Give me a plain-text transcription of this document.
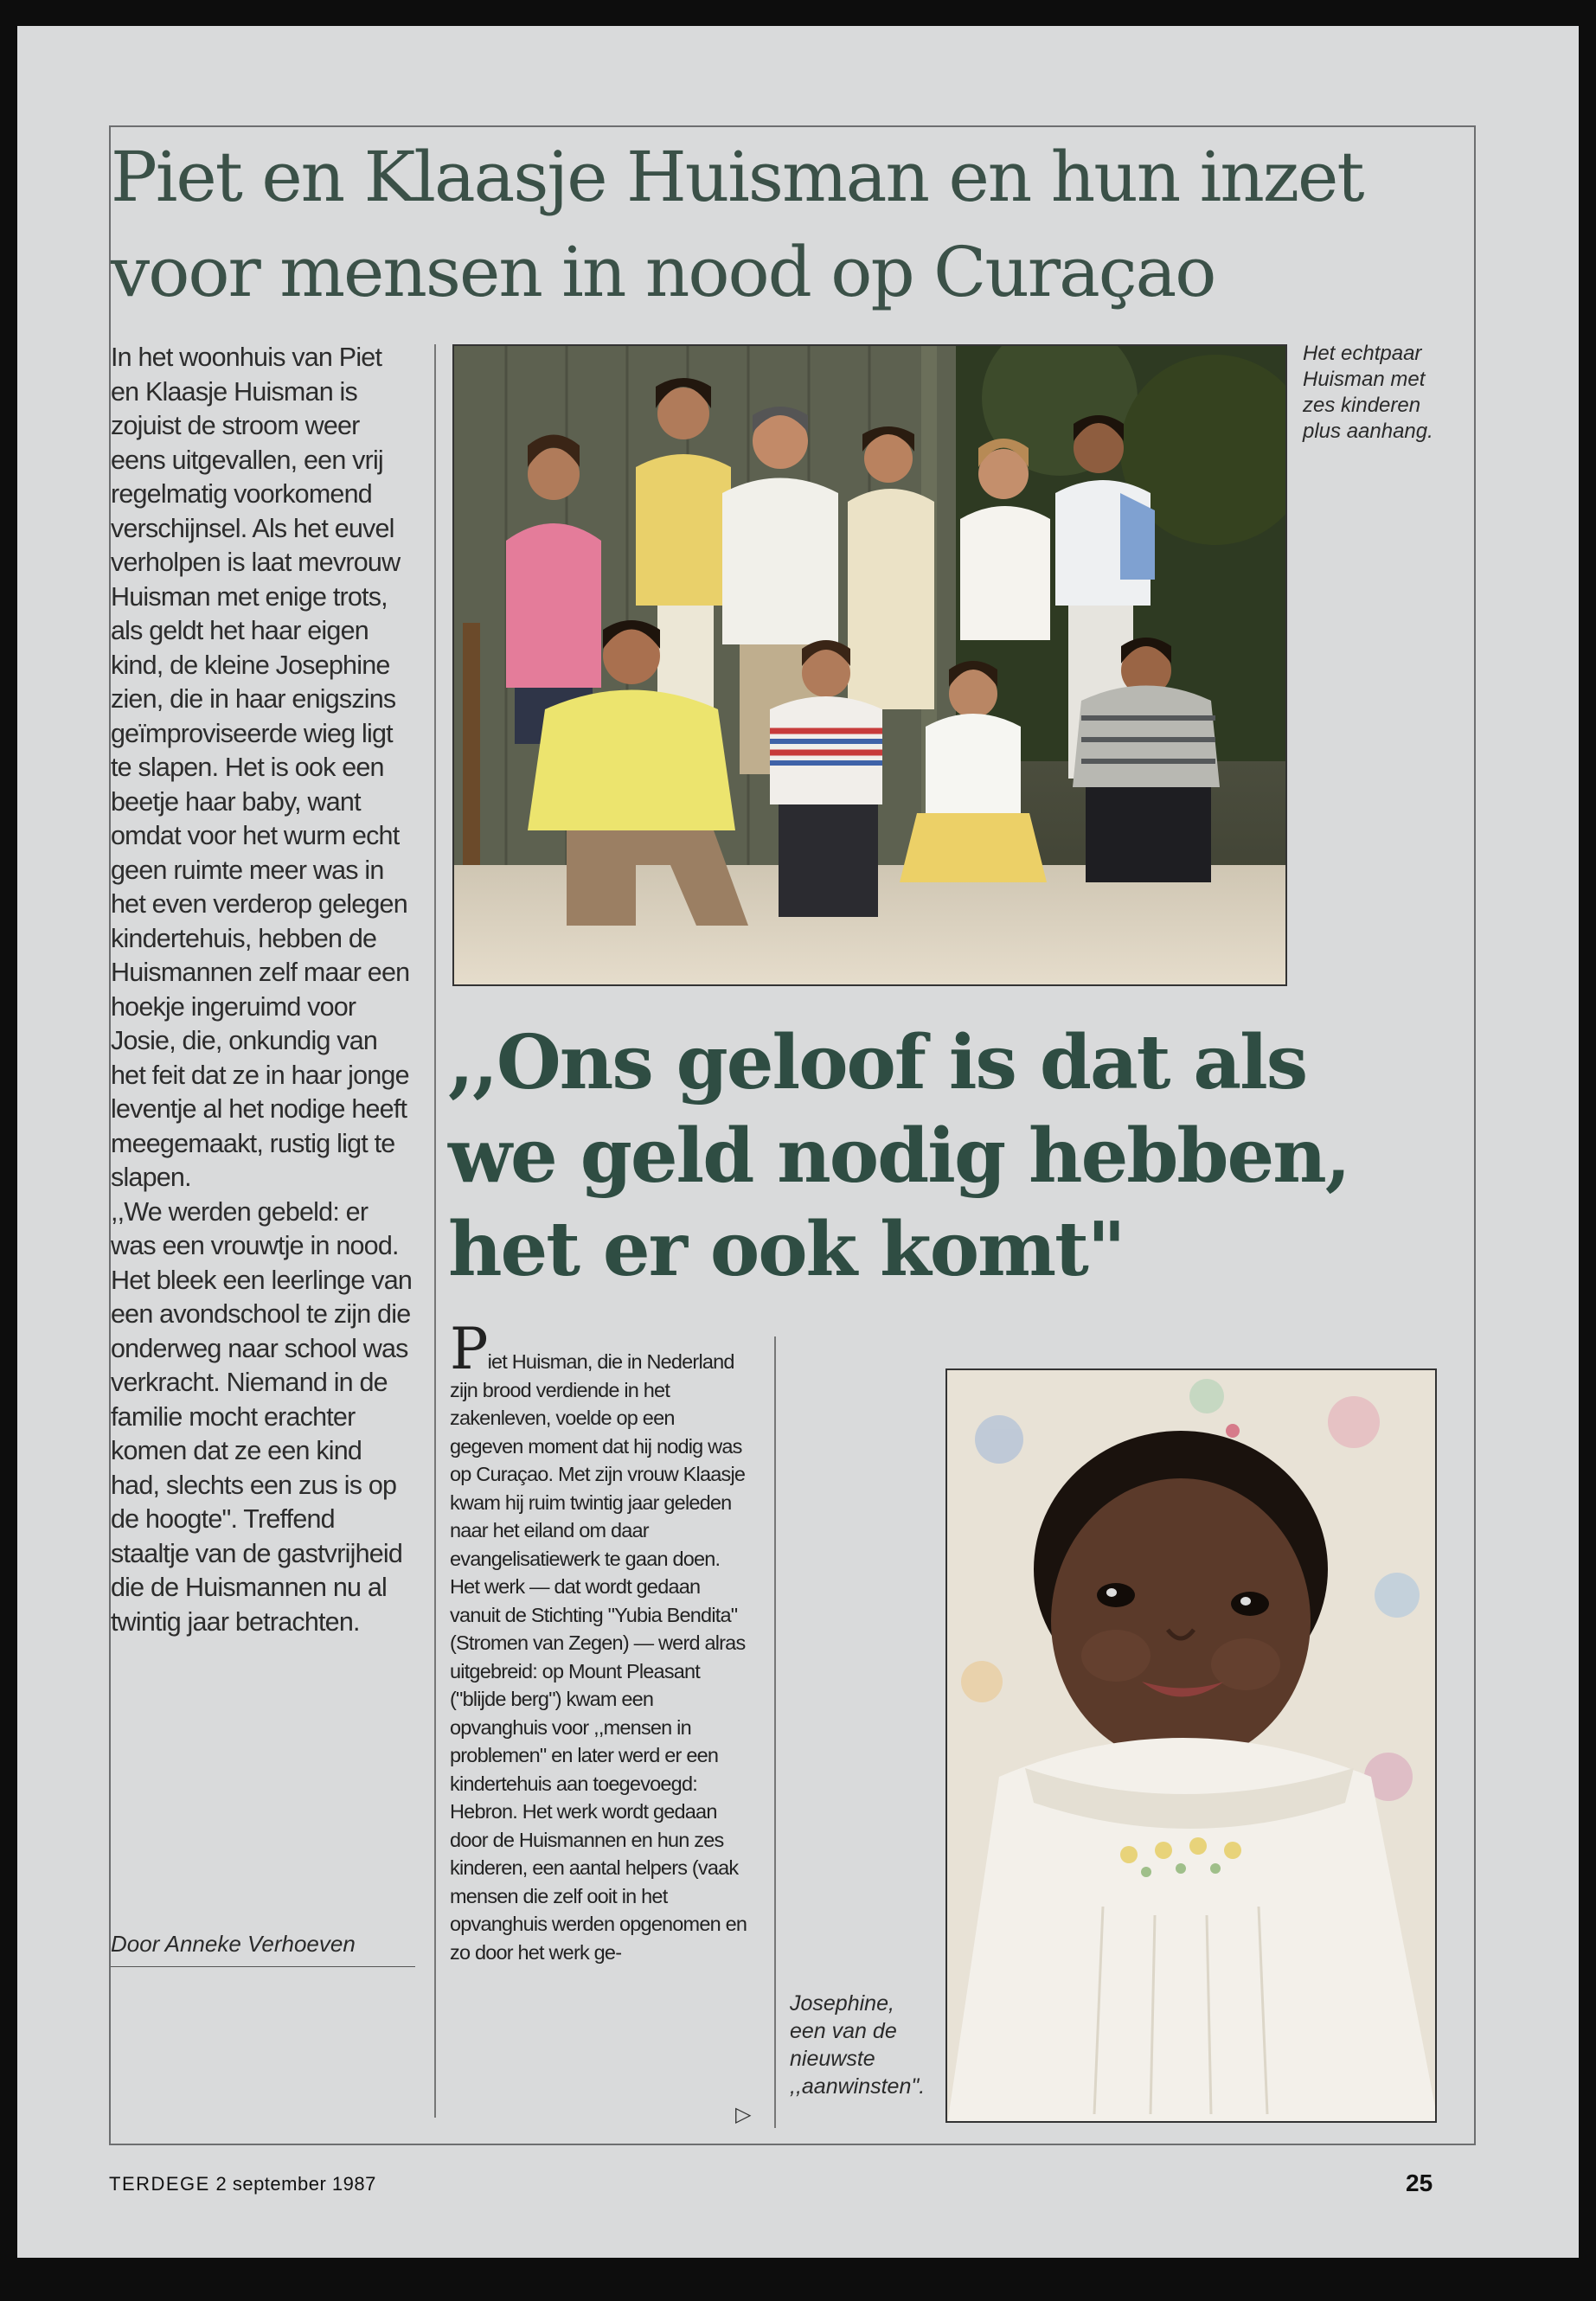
Piet en Klaasje Huisman en hun inzet voor mensen in nood op Curaçao

In het woonhuis van Piet en Klaasje Huisman is zojuist de stroom weer eens uitgevallen, een vrij regelmatig voorkomend verschijnsel. Als het euvel verholpen is laat mevrouw Huisman met enige trots, als geldt het haar eigen kind, de kleine Josephine zien, die in haar enigszins geïmproviseerde wieg ligt te slapen. Het is ook een beetje haar baby, want omdat voor het wurm echt geen ruimte meer was in het even verderop gelegen kindertehuis, hebben de Huismannen zelf maar een hoekje ingeruimd voor Josie, die, onkundig van het feit dat ze in haar jonge leventje al het nodige heeft meegemaakt, rustig ligt te slapen.

,,We werden gebeld: er was een vrouwtje in nood. Het bleek een leerlinge van een avondschool te zijn die onderweg naar school was verkracht. Niemand in de familie mocht erachter komen dat ze een kind had, slechts een zus is op de hoogte". Treffend staaltje van de gastvrijheid die de Huismannen nu al twintig jaar betrachten.

Door Anneke Verhoeven
Het echtpaar Huisman met zes kinderen plus aanhang.
,,Ons geloof is dat als we geld nodig hebben, het er ook komt"
Piet Huisman, die in Nederland zijn brood verdiende in het zakenleven, voelde op een gegeven moment dat hij nodig was op Curaçao. Met zijn vrouw Klaasje kwam hij ruim twintig jaar geleden naar het eiland om daar evangelisatiewerk te gaan doen. Het werk — dat wordt gedaan vanuit de Stichting "Yubia Bendita" (Stromen van Zegen) — werd alras uitgebreid: op Mount Pleasant ("blijde berg") kwam een opvanghuis voor ,,mensen in problemen" en later werd er een kindertehuis aan toegevoegd: Hebron. Het werk wordt gedaan door de Huismannen en hun zes kinderen, een aantal helpers (vaak mensen die zelf ooit in het opvanghuis werden opgenomen en zo door het werk ge-
▷
Josephine, een van de nieuwste ,,aanwinsten".
TERDEGE 2 september 1987	25
